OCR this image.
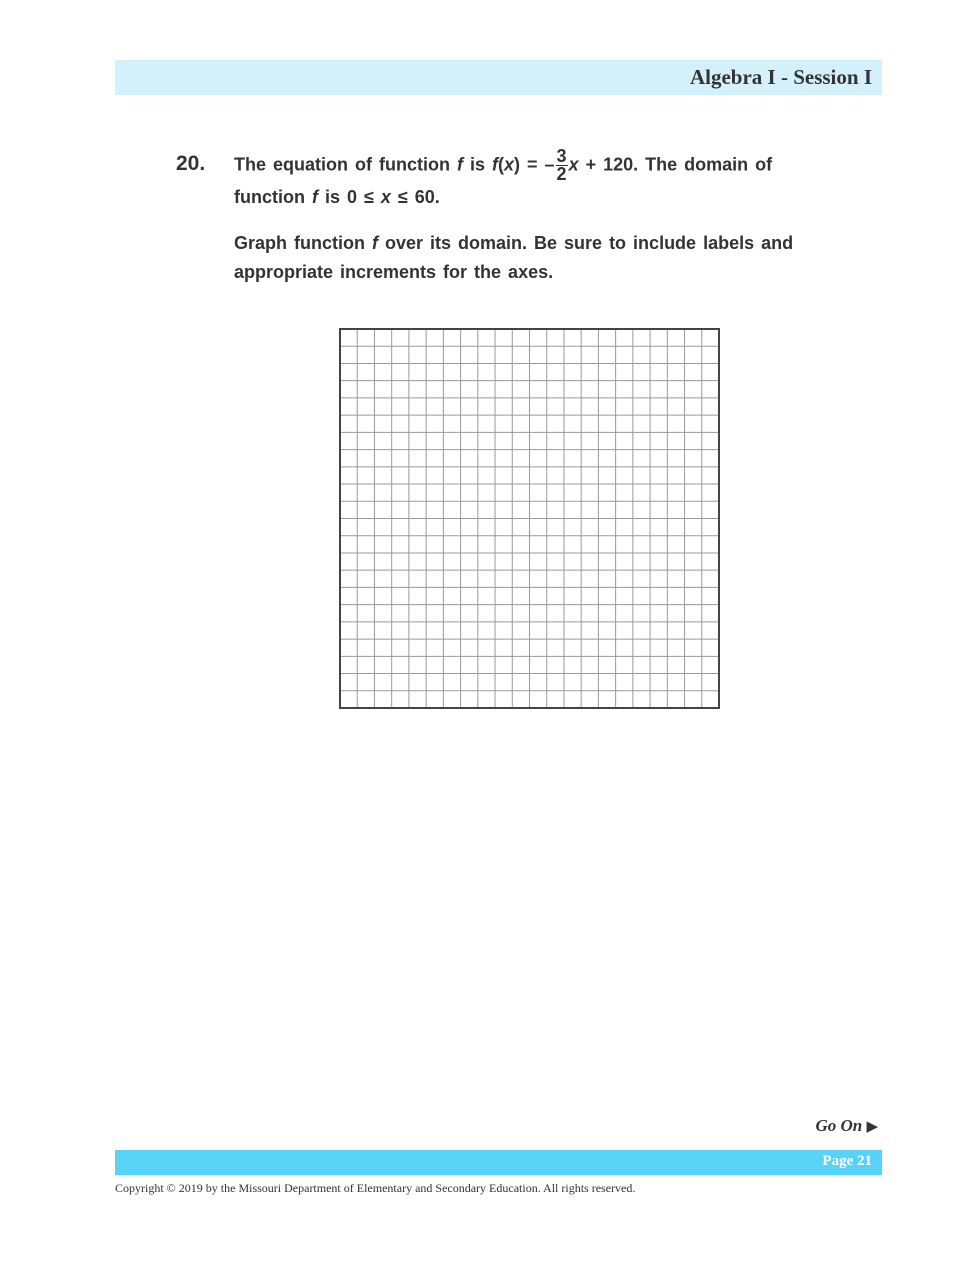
Algebra I - Session I
20. The equation of function f is f(x) = – $\frac{3}{2}$ x + 120. The domain of function f is 0 ≤ x ≤ 60.
Graph function f over its domain. Be sure to include labels and appropriate increments for the axes.
Go On ▶
Page 21
Copyright © 2019 by the Missouri Department of Elementary and Secondary Education. All rights reserved.
